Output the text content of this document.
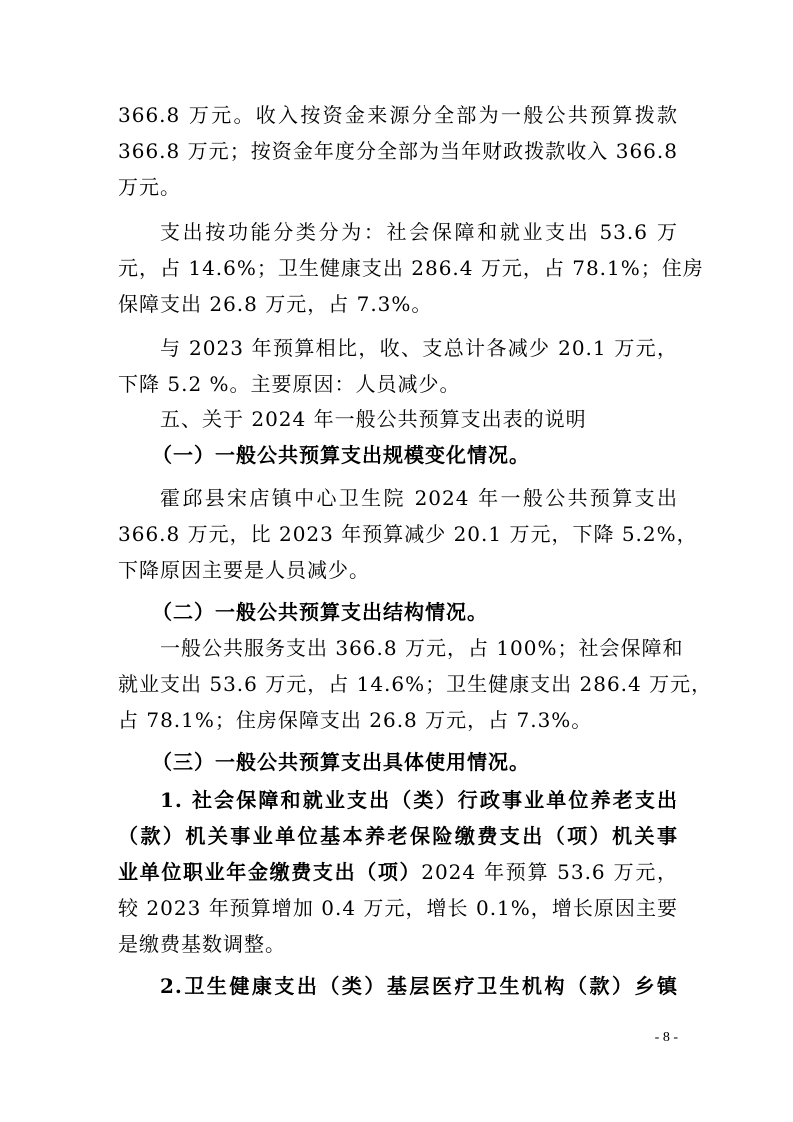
366.8 万元。收入按资金来源分全部为一般公共预算拨款
366.8 万元；按资金年度分全部为当年财政拨款收入 366.8
万元。
支出按功能分类分为：社会保障和就业支出 53.6 万
元，占 14.6%；卫生健康支出 286.4 万元，占 78.1%；住房
保障支出 26.8 万元，占 7.3%。
与 2023 年预算相比，收、支总计各减少 20.1 万元，
下降 5.2 %。主要原因：人员减少。
五、关于 2024 年一般公共预算支出表的说明
（一）一般公共预算支出规模变化情况。
霍邱县宋店镇中心卫生院 2024 年一般公共预算支出
366.8 万元，比 2023 年预算减少 20.1 万元，下降 5.2%，
下降原因主要是人员减少。
（二）一般公共预算支出结构情况。
一般公共服务支出 366.8 万元，占 100%；社会保障和
就业支出 53.6 万元，占 14.6%；卫生健康支出 286.4 万元，
占 78.1%；住房保障支出 26.8 万元，占 7.3%。
（三）一般公共预算支出具体使用情况。
1. 社会保障和就业支出（类）行政事业单位养老支出
（款）机关事业单位基本养老保险缴费支出（项）机关事
业单位职业年金缴费支出（项）2024 年预算 53.6 万元，
较 2023 年预算增加 0.4 万元，增长 0.1%，增长原因主要
是缴费基数调整。
2.卫生健康支出（类）基层医疗卫生机构（款）乡镇
- 8 -
